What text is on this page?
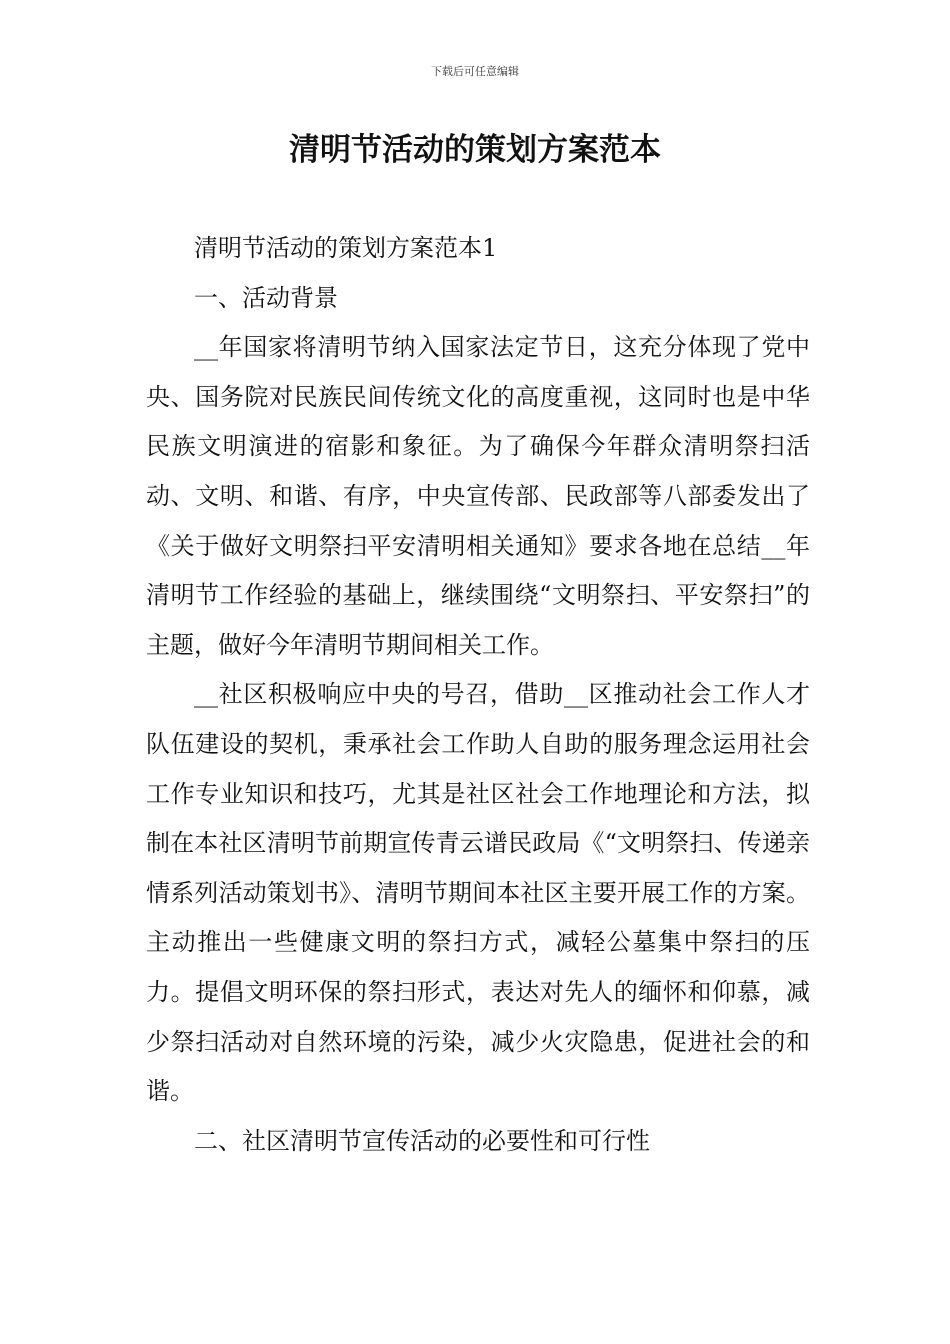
下载后可任意编辑
清明节活动的策划方案范本

清明节活动的策划方案范本1

一、活动背景

__年国家将清明节纳入国家法定节日，这充分体现了党中央、国务院对民族民间传统文化的高度重视，这同时也是中华民族文明演进的宿影和象征。为了确保今年群众清明祭扫活动、文明、和谐、有序，中央宣传部、民政部等八部委发出了《关于做好文明祭扫平安清明相关通知》要求各地在总结__年清明节工作经验的基础上，继续围绕“文明祭扫、平安祭扫”的主题，做好今年清明节期间相关工作。

__社区积极响应中央的号召，借助__区推动社会工作人才队伍建设的契机，秉承社会工作助人自助的服务理念运用社会工作专业知识和技巧，尤其是社区社会工作地理论和方法，拟制在本社区清明节前期宣传青云谱民政局《“文明祭扫、传递亲情系列活动策划书》、清明节期间本社区主要开展工作的方案。主动推出一些健康文明的祭扫方式，减轻公墓集中祭扫的压力。提倡文明环保的祭扫形式，表达对先人的缅怀和仰慕，减少祭扫活动对自然环境的污染，减少火灾隐患，促进社会的和谐。

二、社区清明节宣传活动的必要性和可行性
